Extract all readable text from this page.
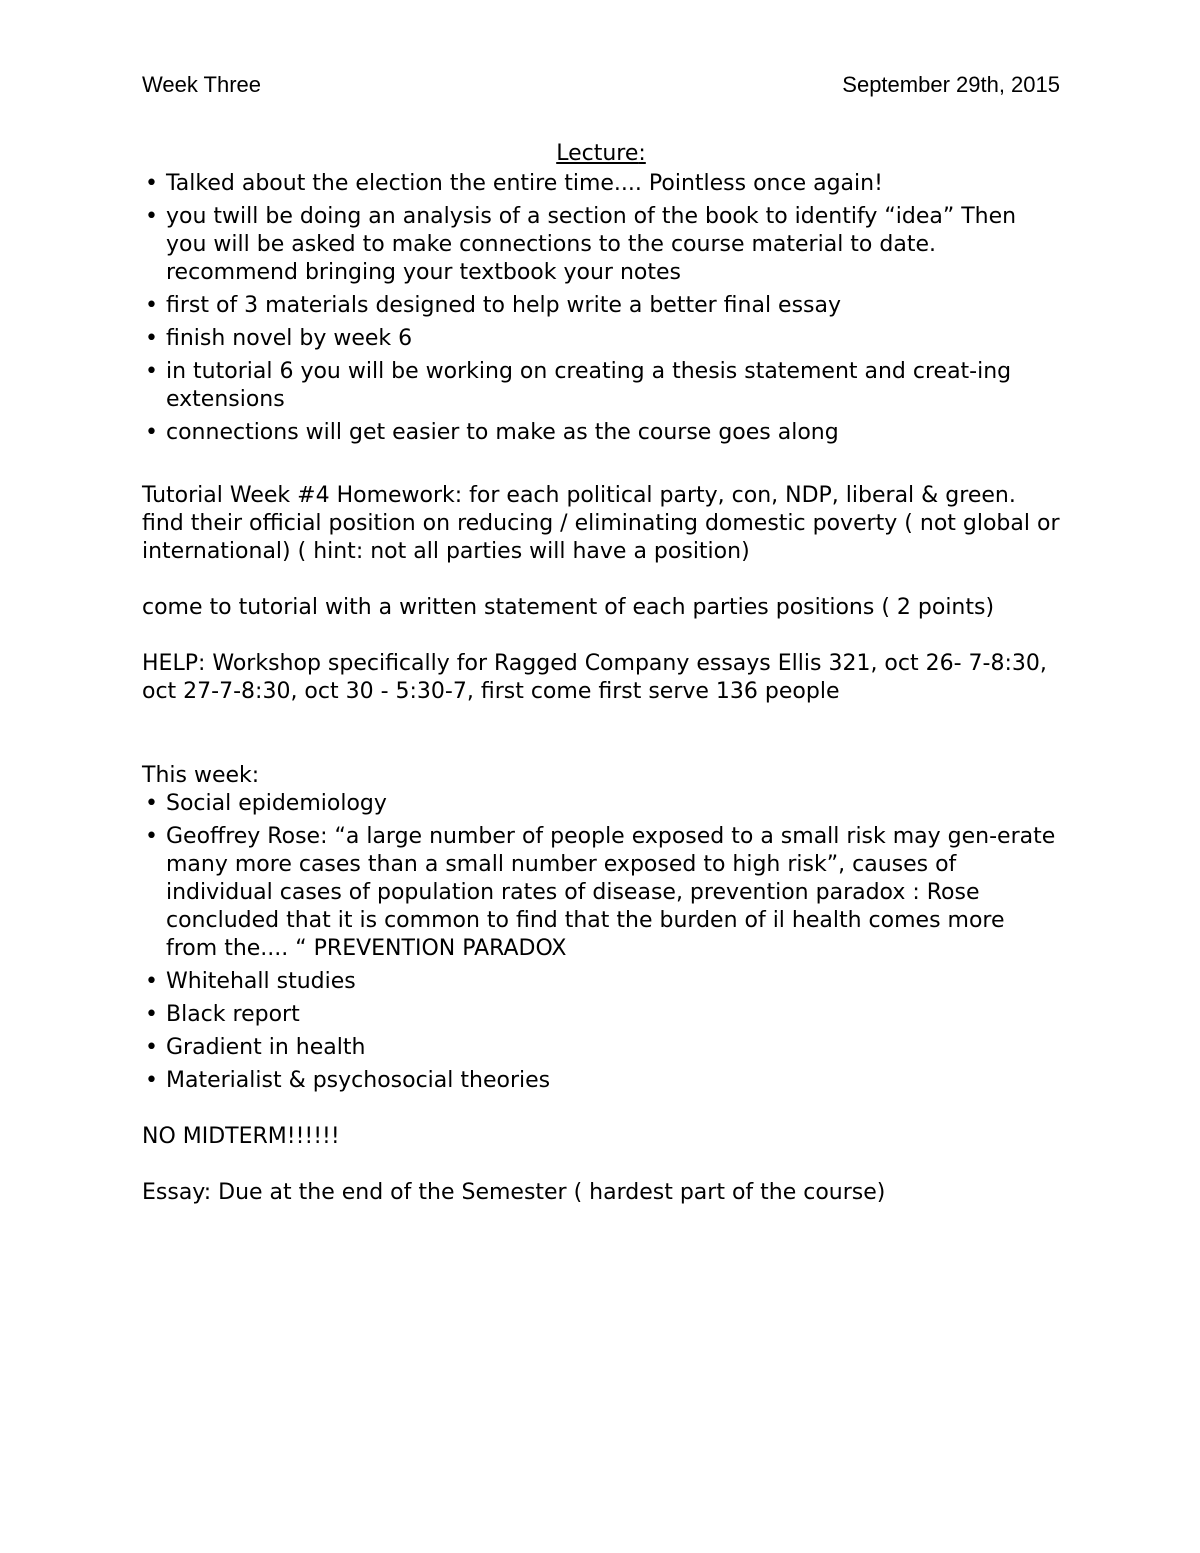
Week Three	September 29th, 2015

Lecture:

• Talked about the election the entire time.... Pointless once again!
• you twill be doing an analysis of a section of the book to identify “idea” Then you will be asked to make connections to the course material to date. recommend bringing your textbook your notes
• first of 3 materials designed to help write a better final essay
• finish novel by week 6
• in tutorial 6 you will be working on creating a thesis statement and creat-ing extensions
• connections will get easier to make as the course goes along

Tutorial Week #4 Homework: for each political party, con, NDP, liberal & green. find their official position on reducing / eliminating domestic poverty ( not global or international) ( hint: not all parties will have a position)

come to tutorial with a written statement of each parties positions ( 2 points)

HELP: Workshop specifically for Ragged Company essays Ellis 321, oct 26- 7-8:30, oct 27-7-8:30, oct 30 - 5:30-7, first come first serve 136 people

This week:

• Social epidemiology
• Geoffrey Rose: “a large number of people exposed to a small risk may gen-erate many more cases than a small number exposed to high risk”, causes of individual cases of population rates of disease, prevention paradox : Rose concluded that it is common to find that the burden of il health comes more from the.... “ PREVENTION PARADOX
• Whitehall studies
• Black report
• Gradient in health
• Materialist & psychosocial theories

NO MIDTERM!!!!!!

Essay: Due at the end of the Semester ( hardest part of the course)
